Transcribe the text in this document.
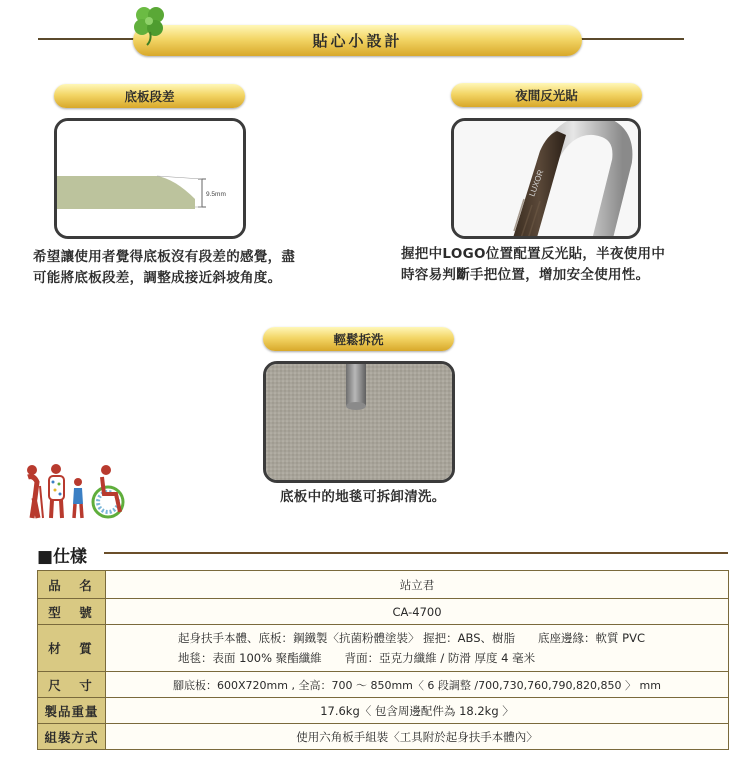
貼心小設計
底板段差
9.5mm
希望讓使用者覺得底板沒有段差的感覺，盡
可能將底板段差，調整成接近斜坡角度。
夜間反光貼
LUXOR
握把中LOGO位置配置反光貼，半夜使用中
時容易判斷手把位置，增加安全使用性。
輕鬆拆洗
底板中的地毯可拆卸清洗。
■仕樣
品　名	站立君
型　號	CA-4700
材　質	起身扶手本體、底板：鋼鐵製〈抗菌粉體塗裝〉 握把：ABS、樹脂　　底座邊緣：軟質 PVC
地毯：表面 100% 聚酯纖維　　背面：亞克力纖維 / 防滑 厚度 4 毫米

尺　寸	腳底板：600X720mm , 全高：700 ～ 850mm〈 6 段調整 /700,730,760,790,820,850 〉 mm
製品重量	17.6kg〈 包含周邊配件為 18.2kg 〉
組裝方式	使用六角板手組裝〈工具附於起身扶手本體內〉
